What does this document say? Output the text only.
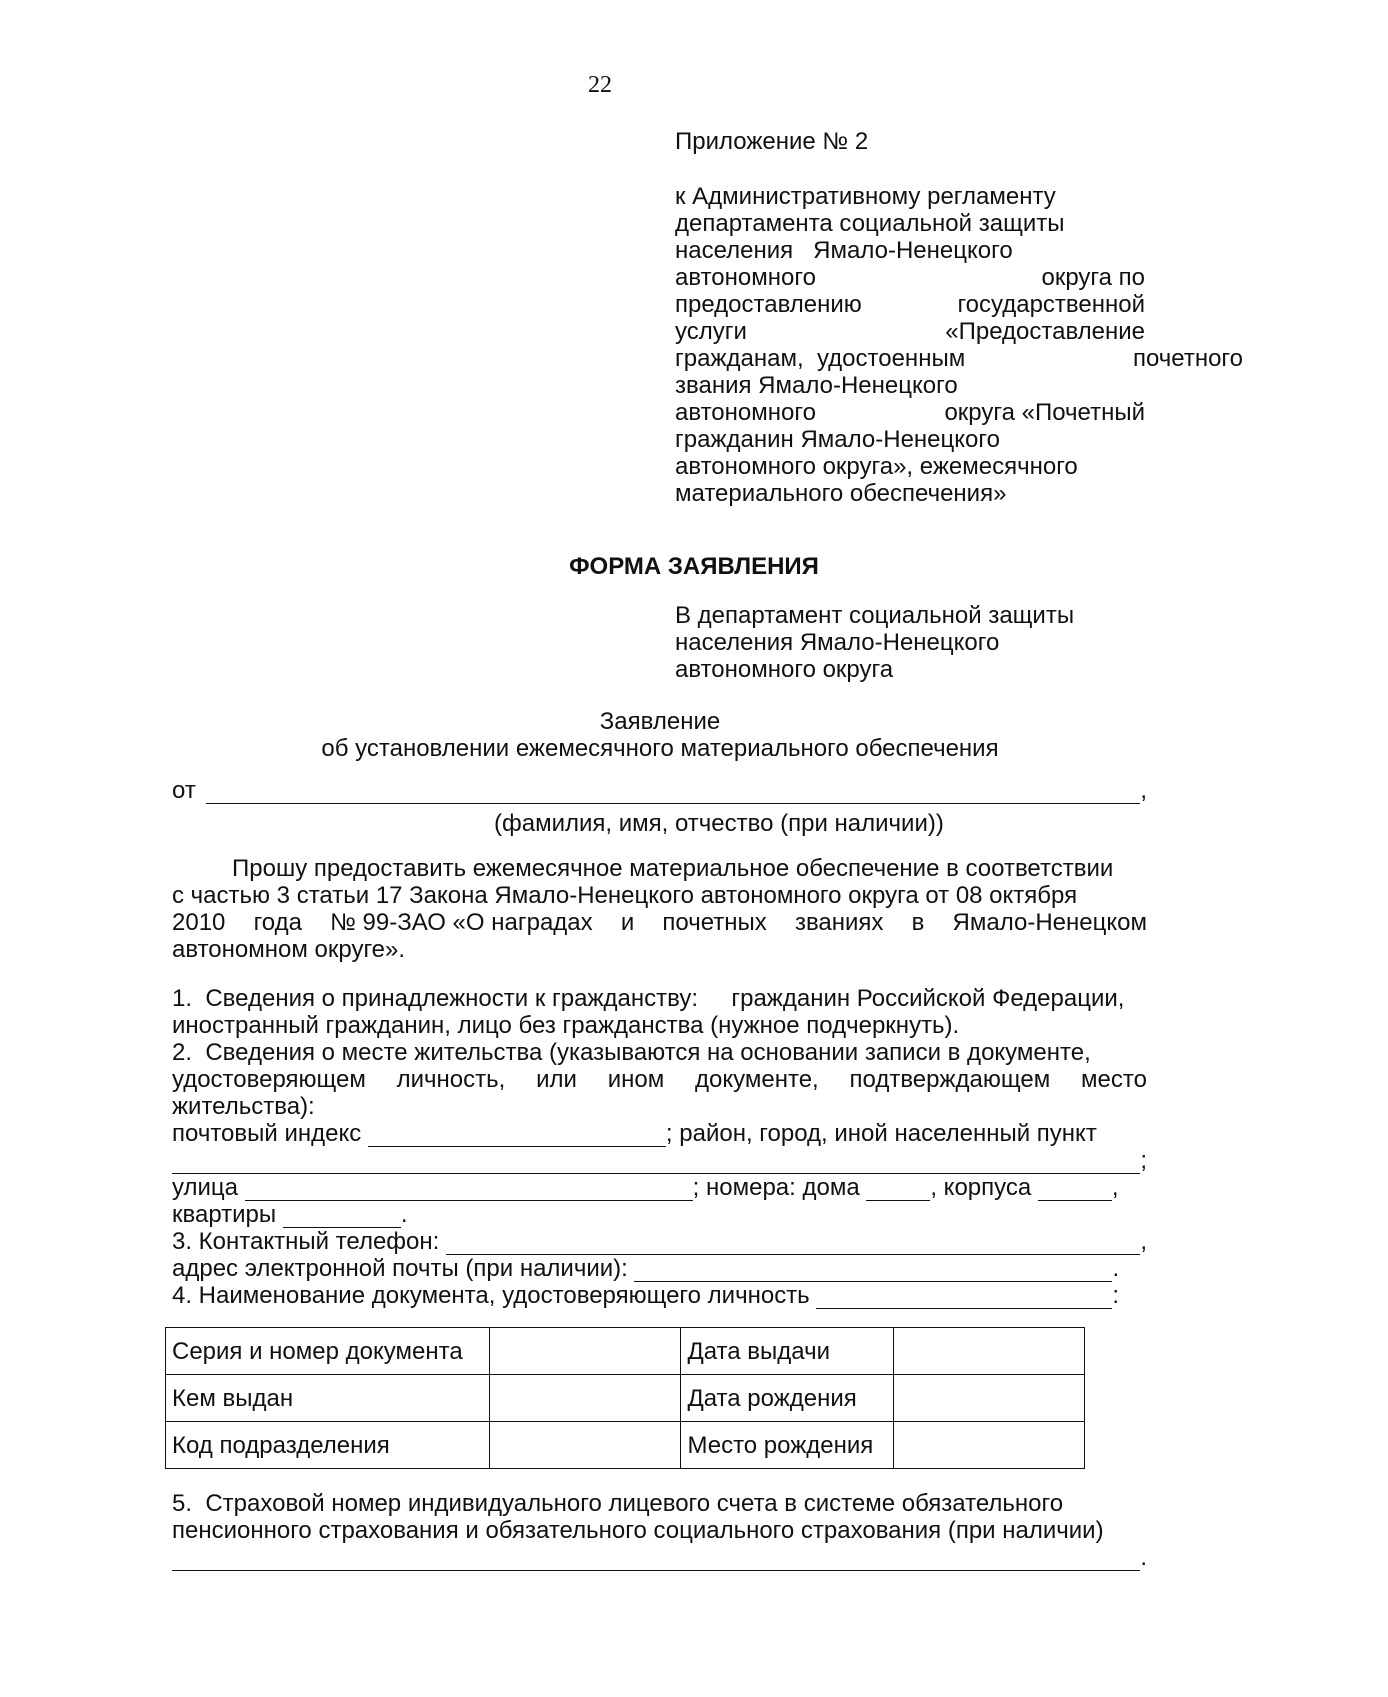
22
Приложение № 2
к Административному регламенту
департамента социальной защиты
населения   Ямало-Ненецкого
автономного	округа по
предоставлению	государственной
услуги	«Предоставление
гражданам,  удостоенным	почетного
звания Ямало-Ненецкого
автономного	округа «Почетный
гражданин Ямало-Ненецкого
автономного округа», ежемесячного
материального обеспечения»
ФОРМА ЗАЯВЛЕНИЯ
В департамент социальной защиты
населения Ямало-Ненецкого
автономного округа
Заявление
об установлении ежемесячного материального обеспечения
от	,
(фамилия, имя, отчество (при наличии))
Прошу предоставить ежемесячное материальное обеспечение в соответствии
с частью 3 статьи 17 Закона Ямало-Ненецкого автономного округа от 08 октября
2010 года № 99-ЗАО «О наградах и почетных званиях в Ямало-Ненецком
автономном округе».
1.  Сведения о принадлежности к гражданству:     гражданин Российской Федерации,
иностранный гражданин, лицо без гражданства (нужное подчеркнуть).
2.  Сведения о месте жительства (указываются на основании записи в документе,
удостоверяющем личность, или ином документе, подтверждающем место
жительства):
почтовый индекс	; район, город, иной населенный пункт
;
улица	; номера: дома	, корпуса	,
квартиры	.
3. Контактный телефон:	,
адрес электронной почты (при наличии):	.
4. Наименование документа, удостоверяющего личность	:
Серия и номер документа		Дата выдачи	
Кем выдан		Дата рождения	
Код подразделения		Место рождения	
5.  Страховой номер индивидуального лицевого счета в системе обязательного
пенсионного страхования и обязательного социального страхования (при наличии)
.
